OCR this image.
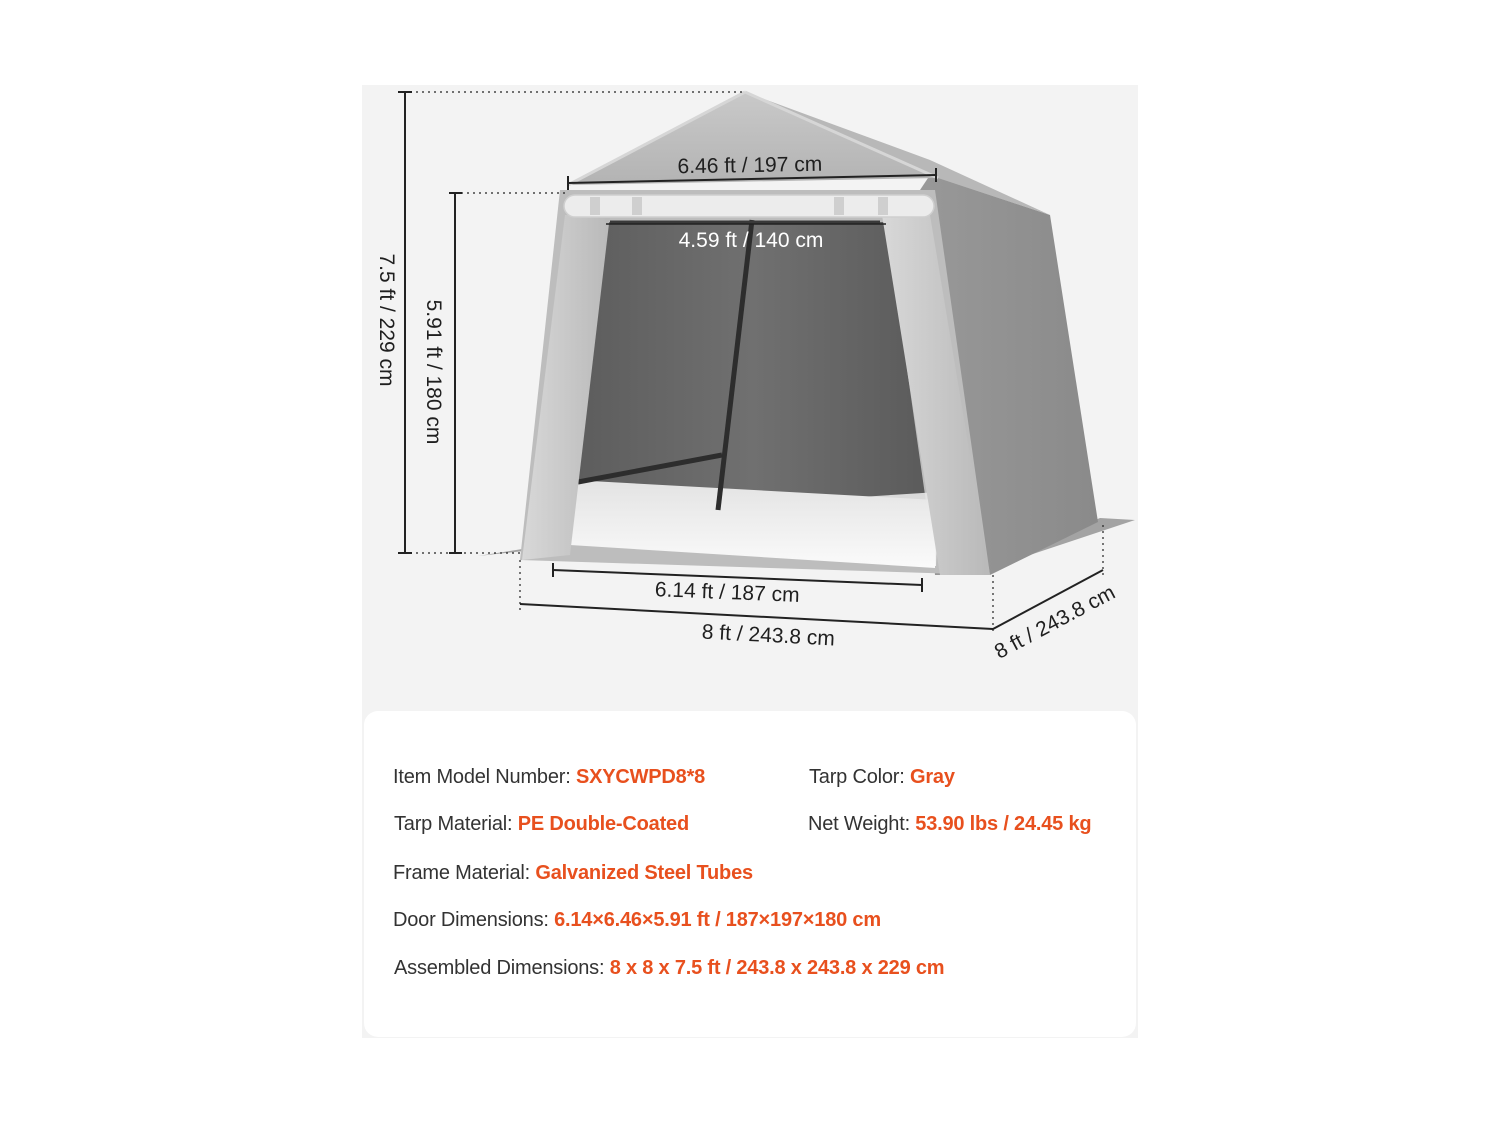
6.46 ft / 197 cm
4.59 ft / 140 cm
7.5 ft / 229 cm 5.91 ft / 180 cm
6.14 ft / 187 cm
8 ft / 243.8 cm	8 ft / 243.8 cm
Item Model Number: SXYCWPD8*8	Tarp Color: Gray
Tarp Material: PE Double-Coated	Net Weight: 53.90 lbs / 24.45 kg
Frame Material: Galvanized Steel Tubes
Door Dimensions: 6.14×6.46×5.91 ft / 187×197×180 cm
Assembled Dimensions: 8 x 8 x 7.5 ft / 243.8 x 243.8 x 229 cm
